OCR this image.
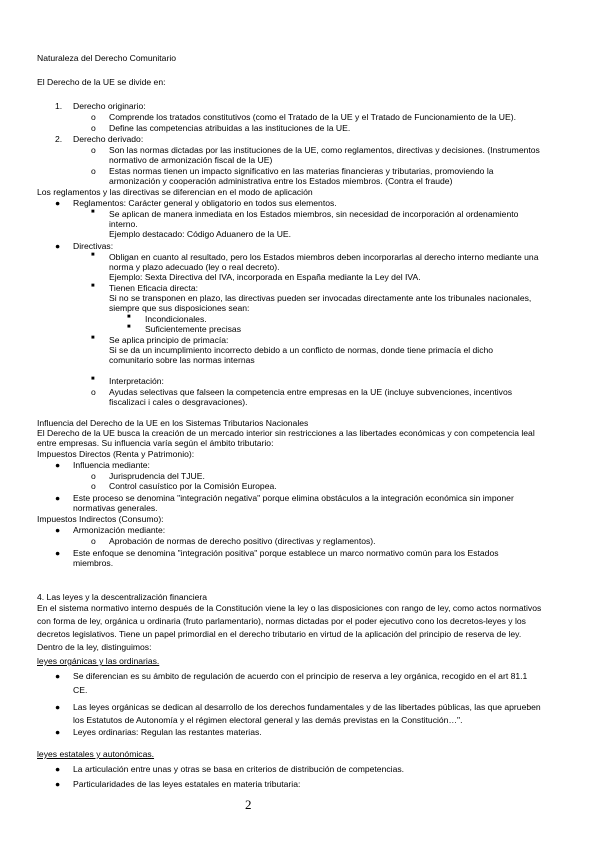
Naturaleza del Derecho Comunitario
El Derecho de la UE se divide en:
1. Derecho originario:
o Comprende los tratados constitutivos (como el Tratado de la UE y el Tratado de Funcionamiento de la UE).
o Define las competencias atribuidas a las instituciones de la UE.
2. Derecho derivado:
o Son las normas dictadas por las instituciones de la UE, como reglamentos, directivas y decisiones. (Instrumentos
normativo de armonización fiscal de la UE)
o Estas normas tienen un impacto significativo en las materias financieras y tributarias, promoviendo la
armonización y cooperación administrativa entre los Estados miembros. (Contra el fraude)
Los reglamentos y las directivas se diferencian en el modo de aplicación
● Reglamentos: Carácter general y obligatorio en todos sus elementos.
■ Se aplican de manera inmediata en los Estados miembros, sin necesidad de incorporación al ordenamiento
interno.
Ejemplo destacado: Código Aduanero de la UE.
● Directivas:
■ Obligan en cuanto al resultado, pero los Estados miembros deben incorporarlas al derecho interno mediante una
norma y plazo adecuado (ley o real decreto).
Ejemplo: Sexta Directiva del IVA, incorporada en España mediante la Ley del IVA.
■ Tienen Eficacia directa:
Si no se transponen en plazo, las directivas pueden ser invocadas directamente ante los tribunales nacionales,
siempre que sus disposiciones sean:
■ Incondicionales.
■ Suficientemente precisas
■ Se aplica principio de primacía:
Si se da un incumplimiento incorrecto debido a un conflicto de normas, donde tiene primacía el dicho
comunitario sobre las normas internas
■ Interpretación:
o Ayudas selectivas que falseen la competencia entre empresas en la UE (incluye subvenciones, incentivos
fiscalizaci i cales o desgravaciones).
Influencia del Derecho de la UE en los Sistemas Tributarios Nacionales
El Derecho de la UE busca la creación de un mercado interior sin restricciones a las libertades económicas y con competencia leal
entre empresas. Su influencia varía según el ámbito tributario:
Impuestos Directos (Renta y Patrimonio):
● Influencia mediante:
o Jurisprudencia del TJUE.
o Control casuístico por la Comisión Europea.
● Este proceso se denomina "integración negativa" porque elimina obstáculos a la integración económica sin imponer
normativas generales.
Impuestos Indirectos (Consumo):
● Armonización mediante:
o Aprobación de normas de derecho positivo (directivas y reglamentos).
● Este enfoque se denomina "integración positiva" porque establece un marco normativo común para los Estados
miembros.
4. Las leyes y la descentralización financiera
En el sistema normativo interno después de la Constitución viene la ley o las disposiciones con rango de ley, como actos normativos
con forma de ley, orgánica u ordinaria (fruto parlamentario), normas dictadas por el poder ejecutivo cono los decretos-leyes y los
decretos legislativos. Tiene un papel primordial en el derecho tributario en virtud de la aplicación del principio de reserva de ley.
Dentro de la ley, distinguimos:
leyes orgánicas y las ordinarias.
● Se diferencian es su ámbito de regulación de acuerdo con el principio de reserva a ley orgánica, recogido en el art 81.1
CE.
● Las leyes orgánicas se dedican al desarrollo de los derechos fundamentales y de las libertades públicas, las que aprueben
los Estatutos de Autonomía y el régimen electoral general y las demás previstas en la Constitución…".
● Leyes ordinarias: Regulan las restantes materias.
leyes estatales y autonómicas.
● La articulación entre unas y otras se basa en criterios de distribución de competencias.
● Particularidades de las leyes estatales en materia tributaria:
2
